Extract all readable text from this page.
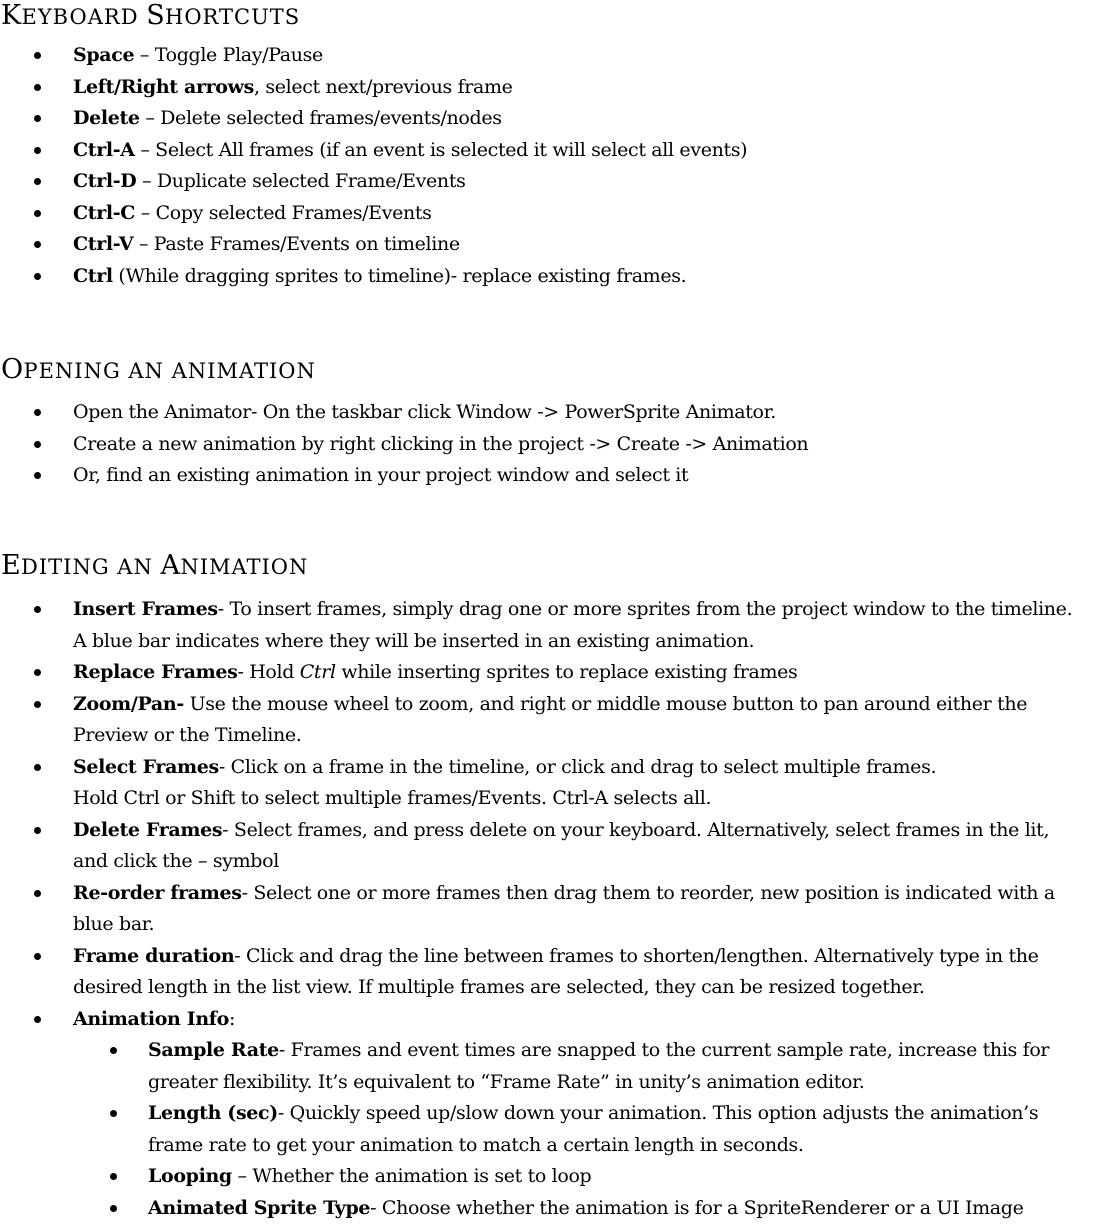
KEYBOARD SHORTCUTS
Space – Toggle Play/Pause
Left/Right arrows, select next/previous frame
Delete – Delete selected frames/events/nodes
Ctrl-A – Select All frames (if an event is selected it will select all events)
Ctrl-D – Duplicate selected Frame/Events
Ctrl-C – Copy selected Frames/Events
Ctrl-V – Paste Frames/Events on timeline
Ctrl (While dragging sprites to timeline)- replace existing frames.
OPENING AN ANIMATION
Open the Animator- On the taskbar click Window -> PowerSprite Animator.
Create a new animation by right clicking in the project -> Create -> Animation
Or, find an existing animation in your project window and select it
EDITING AN ANIMATION
Insert Frames- To insert frames, simply drag one or more sprites from the project window to the timeline.
A blue bar indicates where they will be inserted in an existing animation.
Replace Frames- Hold Ctrl while inserting sprites to replace existing frames
Zoom/Pan- Use the mouse wheel to zoom, and right or middle mouse button to pan around either the
Preview or the Timeline.
Select Frames- Click on a frame in the timeline, or click and drag to select multiple frames.
Hold Ctrl or Shift to select multiple frames/Events. Ctrl-A selects all.
Delete Frames- Select frames, and press delete on your keyboard. Alternatively, select frames in the lit,
and click the – symbol
Re-order frames- Select one or more frames then drag them to reorder, new position is indicated with a
blue bar.
Frame duration- Click and drag the line between frames to shorten/lengthen. Alternatively type in the
desired length in the list view. If multiple frames are selected, they can be resized together.
Animation Info:
Sample Rate- Frames and event times are snapped to the current sample rate, increase this for
greater flexibility. It’s equivalent to “Frame Rate” in unity’s animation editor.
Length (sec)- Quickly speed up/slow down your animation. This option adjusts the animation’s
frame rate to get your animation to match a certain length in seconds.
Looping – Whether the animation is set to loop
Animated Sprite Type- Choose whether the animation is for a SpriteRenderer or a UI Image
